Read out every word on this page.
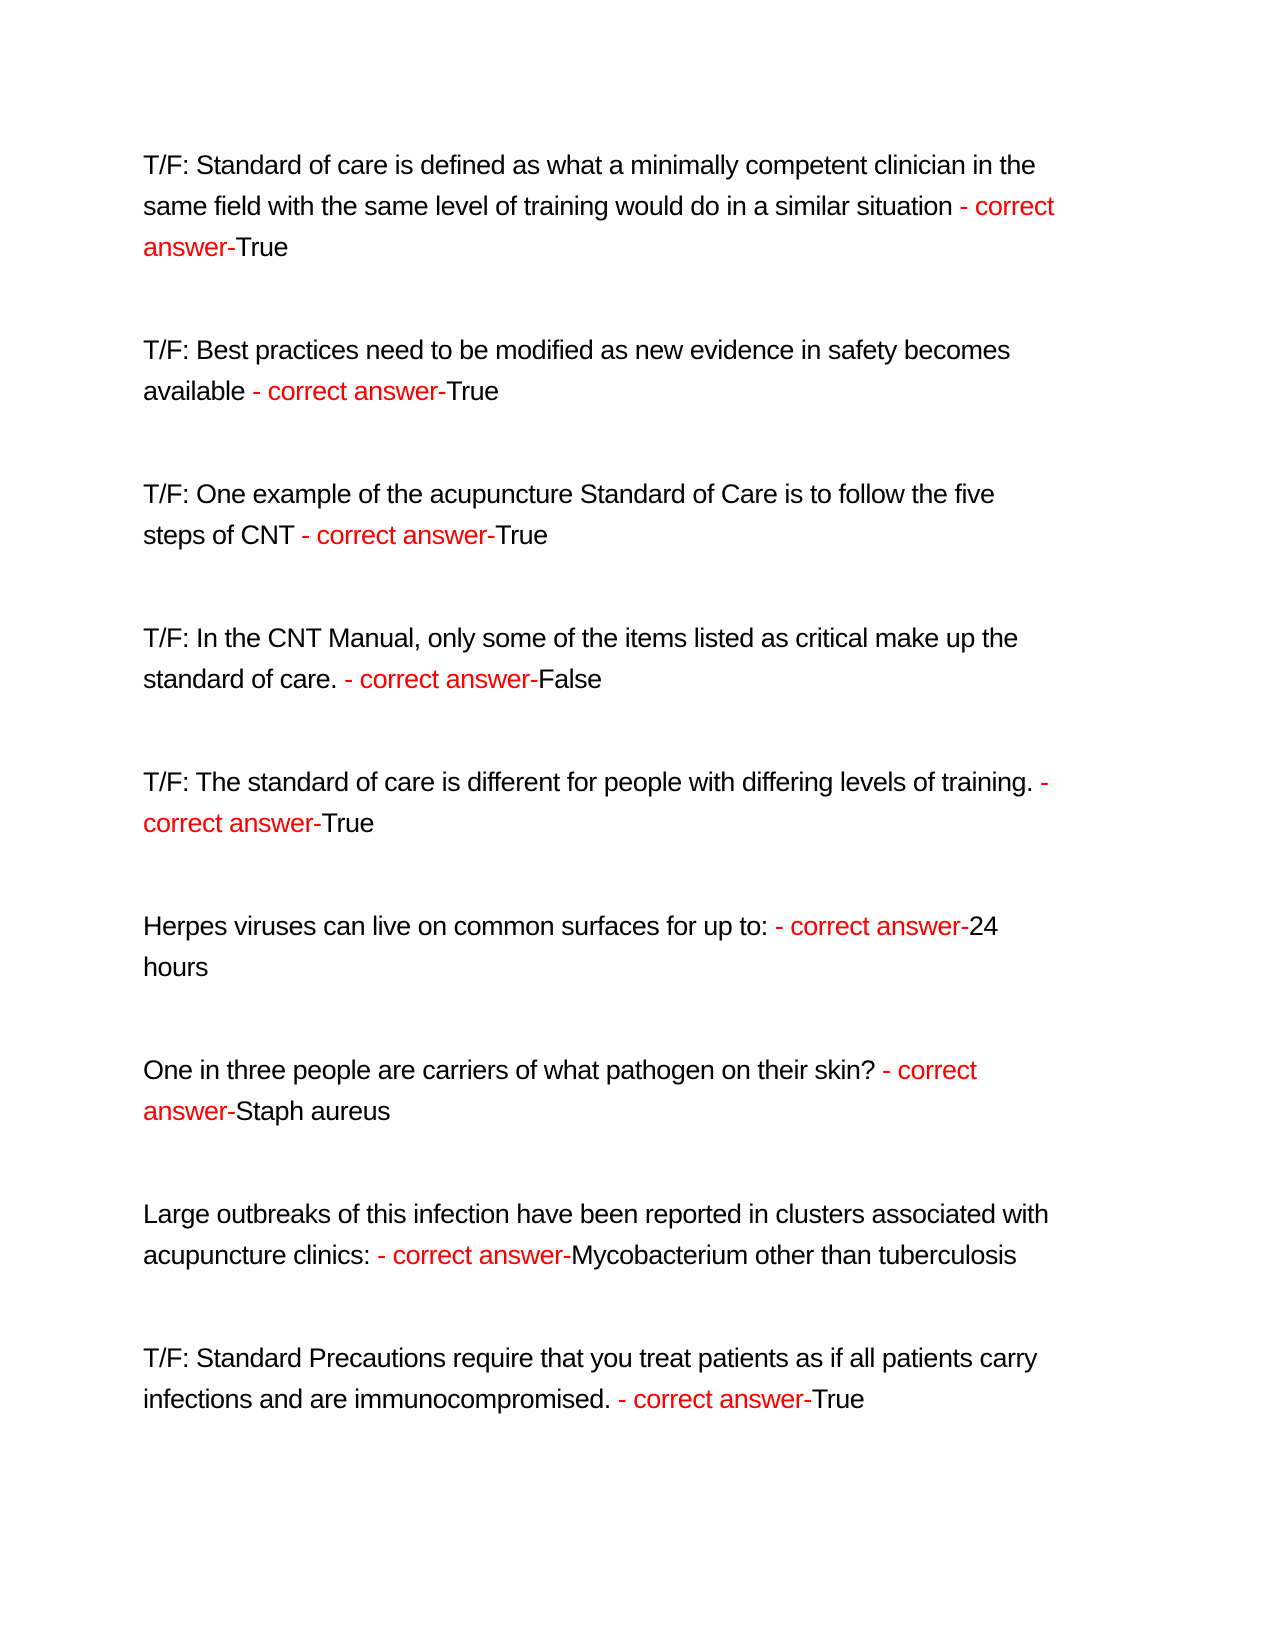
T/F: Standard of care is defined as what a minimally competent clinician in the same field with the same level of training would do in a similar situation - correct answer-True

T/F: Best practices need to be modified as new evidence in safety becomes available - correct answer-True

T/F: One example of the acupuncture Standard of Care is to follow the five steps of CNT - correct answer-True

T/F: In the CNT Manual, only some of the items listed as critical make up the standard of care. - correct answer-False

T/F: The standard of care is different for people with differing levels of training. - correct answer-True

Herpes viruses can live on common surfaces for up to: - correct answer-24 hours

One in three people are carriers of what pathogen on their skin? - correct answer-Staph aureus

Large outbreaks of this infection have been reported in clusters associated with acupuncture clinics: - correct answer-Mycobacterium other than tuberculosis

T/F: Standard Precautions require that you treat patients as if all patients carry infections and are immunocompromised. - correct answer-True
